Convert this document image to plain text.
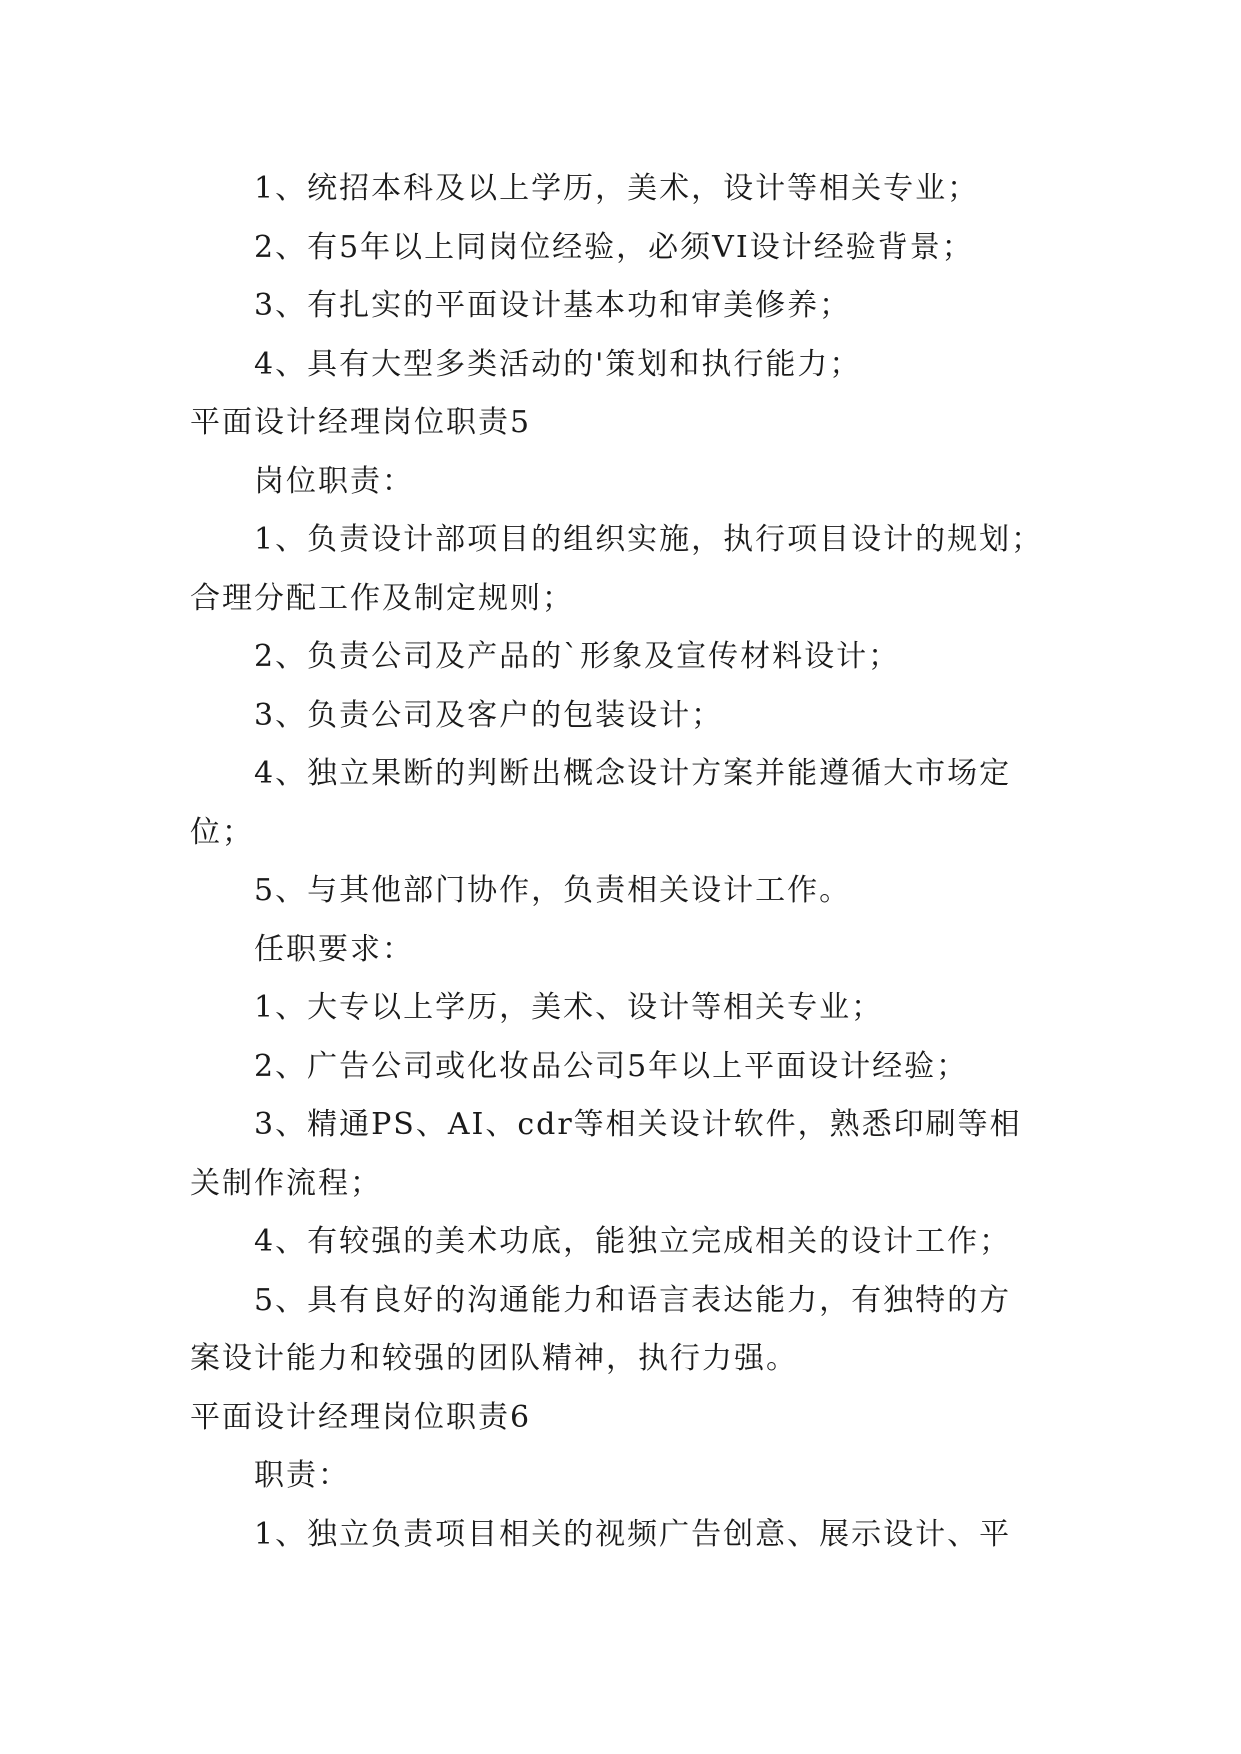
1、统招本科及以上学历，美术，设计等相关专业；

2、有5年以上同岗位经验，必须VI设计经验背景；

3、有扎实的平面设计基本功和审美修养；

4、具有大型多类活动的'策划和执行能力；

平面设计经理岗位职责5

岗位职责：

1、负责设计部项目的组织实施，执行项目设计的规划；

合理分配工作及制定规则；

2、负责公司及产品的`形象及宣传材料设计；

3、负责公司及客户的包装设计；

4、独立果断的判断出概念设计方案并能遵循大市场定

位；

5、与其他部门协作，负责相关设计工作。

任职要求：

1、大专以上学历，美术、设计等相关专业；

2、广告公司或化妆品公司5年以上平面设计经验；

3、精通PS、AI、cdr等相关设计软件，熟悉印刷等相

关制作流程；

4、有较强的美术功底，能独立完成相关的设计工作；

5、具有良好的沟通能力和语言表达能力，有独特的方

案设计能力和较强的团队精神，执行力强。

平面设计经理岗位职责6

职责：

1、独立负责项目相关的视频广告创意、展示设计、平
